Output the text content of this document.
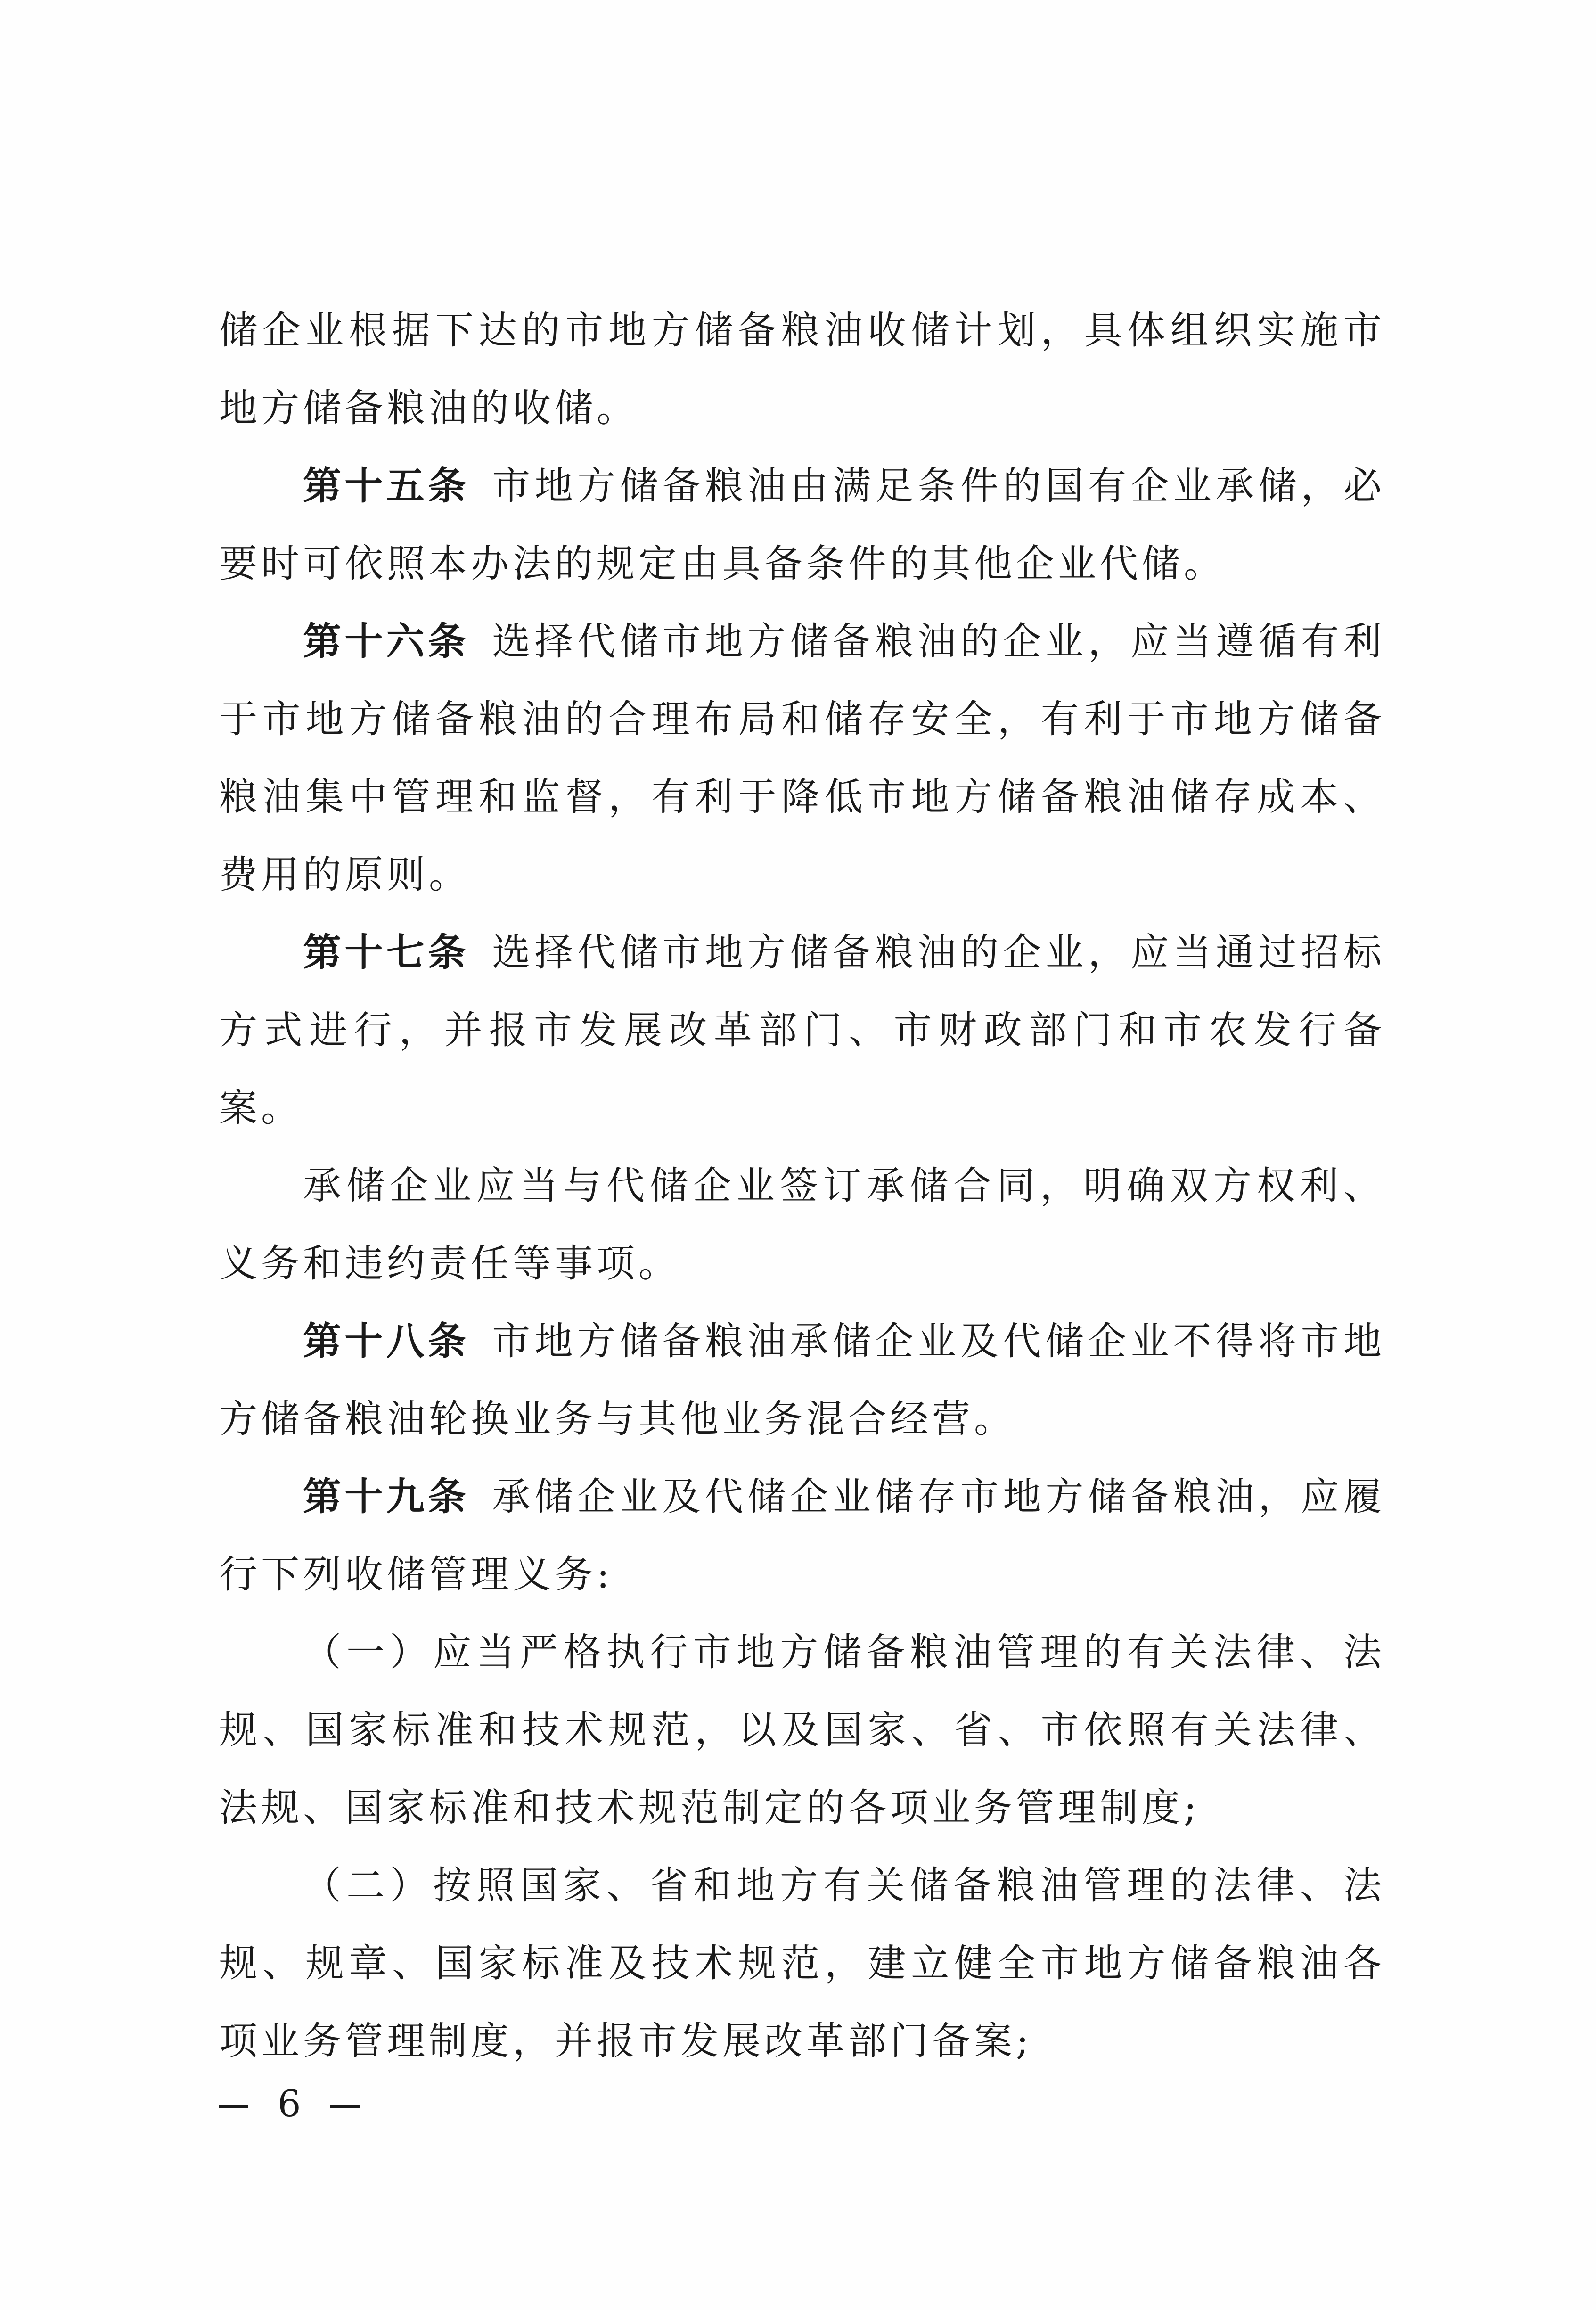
储企业根据下达的市地方储备粮油收储计划，具体组织实施市地方储备粮油的收储。

第十五条 市地方储备粮油由满足条件的国有企业承储，必要时可依照本办法的规定由具备条件的其他企业代储。

第十六条 选择代储市地方储备粮油的企业，应当遵循有利于市地方储备粮油的合理布局和储存安全，有利于市地方储备粮油集中管理和监督，有利于降低市地方储备粮油储存成本、费用的原则。

第十七条 选择代储市地方储备粮油的企业，应当通过招标方式进行，并报市发展改革部门、市财政部门和市农发行备案。

承储企业应当与代储企业签订承储合同，明确双方权利、义务和违约责任等事项。

第十八条 市地方储备粮油承储企业及代储企业不得将市地方储备粮油轮换业务与其他业务混合经营。

第十九条 承储企业及代储企业储存市地方储备粮油，应履行下列收储管理义务:

（一）应当严格执行市地方储备粮油管理的有关法律、法规、国家标准和技术规范，以及国家、省、市依照有关法律、法规、国家标准和技术规范制定的各项业务管理制度;

（二）按照国家、省和地方有关储备粮油管理的法律、法规、规章、国家标准及技术规范，建立健全市地方储备粮油各项业务管理制度，并报市发展改革部门备案;

6
